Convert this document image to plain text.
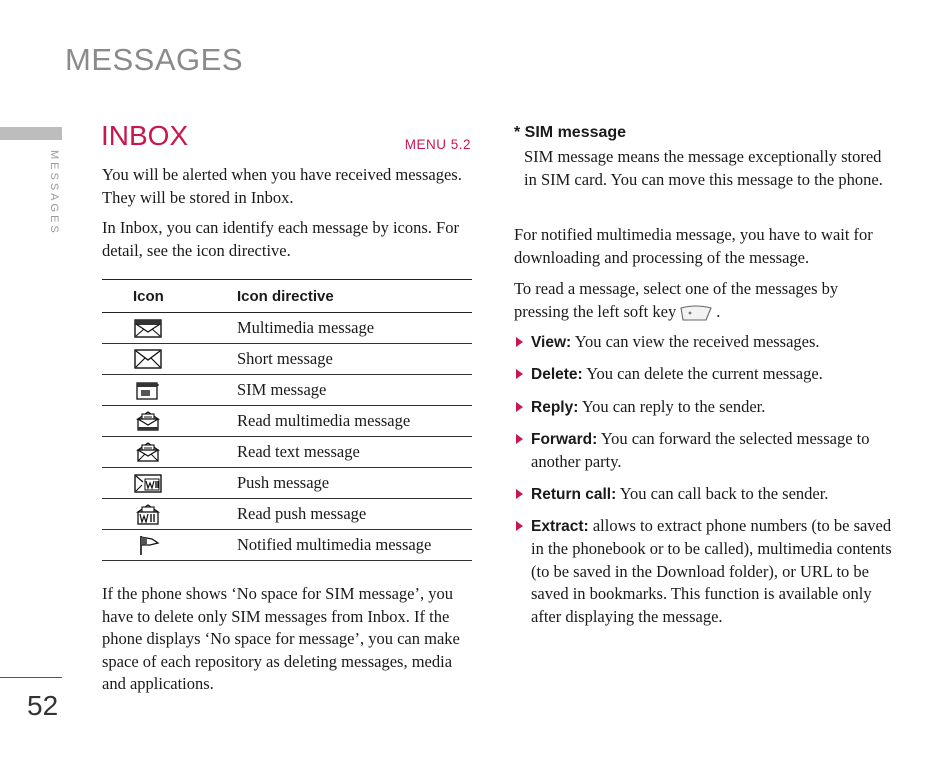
MESSAGES
MESSAGES
52
INBOX	MENU 5.2
You will be alerted when you have received messages. They will be stored in Inbox.
In Inbox, you can identify each message by icons. For detail, see the icon directive.
Icon	Icon directive

	Multimedia message

	Short message

	SIM message

	Read multimedia message

	Read text message

	Push message

	Read push message

	Notified multimedia message
If the phone shows ‘No space for SIM message’, you have to delete only SIM messages from Inbox. If the phone displays ‘No space for message’, you can make space of each repository as deleting messages, media and applications.
* SIM message
SIM message means the message exceptionally stored in SIM card. You can move this message to the phone.
For notified multimedia message, you have to wait for downloading and processing of the message.
To read a message, select one of the messages by pressing the left soft key .
View: You can view the received messages.
Delete: You can delete the current message.
Reply: You can reply to the sender.
Forward: You can forward the selected message to another party.
Return call: You can call back to the sender.
Extract: allows to extract phone numbers (to be saved in the phonebook or to be called), multimedia contents (to be saved in the Download folder), or URL to be saved in bookmarks. This function is available only after displaying the message.
